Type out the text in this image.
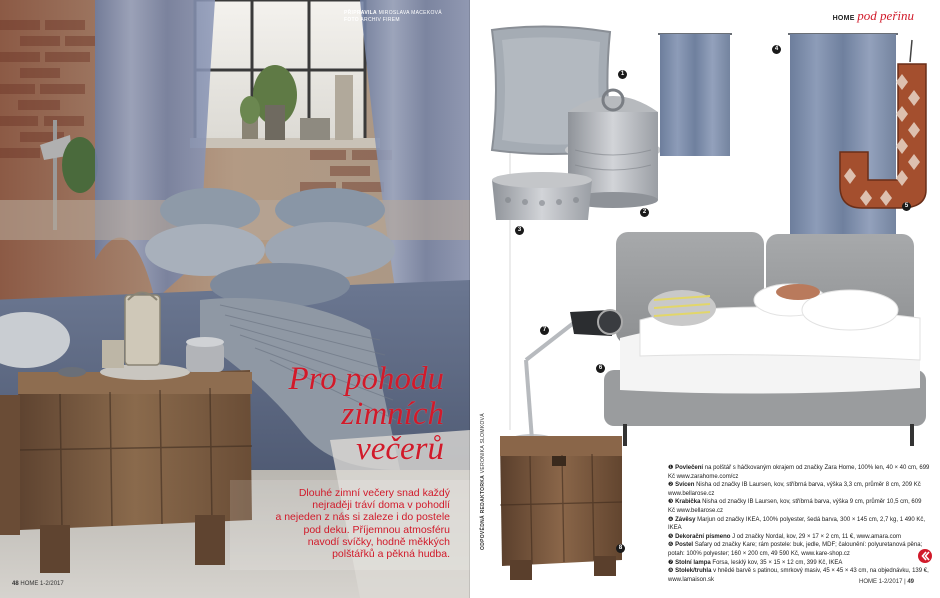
PŘIPRAVILA MIROSLAVA MACEKOVÁ
FOTO ARCHIV FIREM
Pro pohodu
zimních
večerů
Dlouhé zimní večery snad každý
nejraději tráví doma v pohodlí
a nejeden z nás si zaleze i do postele
pod deku. Příjemnou atmosféru
navodí svíčky, hodně měkkých
polštářků a pěkná hudba.
48 HOME 1-2/2017
HOME pod peřinu
ODPOVĚDNÁ REDAKTORKA VERONIKA SLOMKOVÁ
1
2
3
4
5
6
7
8

❶ Povlečení na polštář s háčkovaným okrajem od značky Zara Home, 100% len, 40 × 40 cm, 699 Kč www.zarahome.com/cz

❷ Svícen Nisha od značky IB Laursen, kov, stříbrná barva, výška 3,3 cm, průměr 8 cm, 209 Kč www.bellarose.cz

❸ Krabička Nisha od značky IB Laursen, kov, stříbrná barva, výška 9 cm, průměr 10,5 cm, 609 Kč www.bellarose.cz

❹ Závěsy Marjun od značky IKEA, 100% polyester, šedá barva, 300 × 145 cm, 2,7 kg, 1 490 Kč, IKEA

❺ Dekorační písmeno J od značky Nordal, kov, 29 × 17 × 2 cm, 11 €, www.amara.com

❻ Postel Safary od značky Kare; rám postele: buk, jedle, MDF; čalounění: polyuretanová pěna; potah: 100% polyester; 160 × 200 cm, 49 590 Kč, www.kare-shop.cz

❼ Stolní lampa Forsa, lesklý kov, 35 × 15 × 12 cm, 399 Kč, IKEA

❽ Stolek/truhla v hnědé barvě s patinou, smrkový masiv, 45 × 45 × 43 cm, na objednávku, 139 €, www.lamaison.sk	HOME 1-2/2017 | 49
